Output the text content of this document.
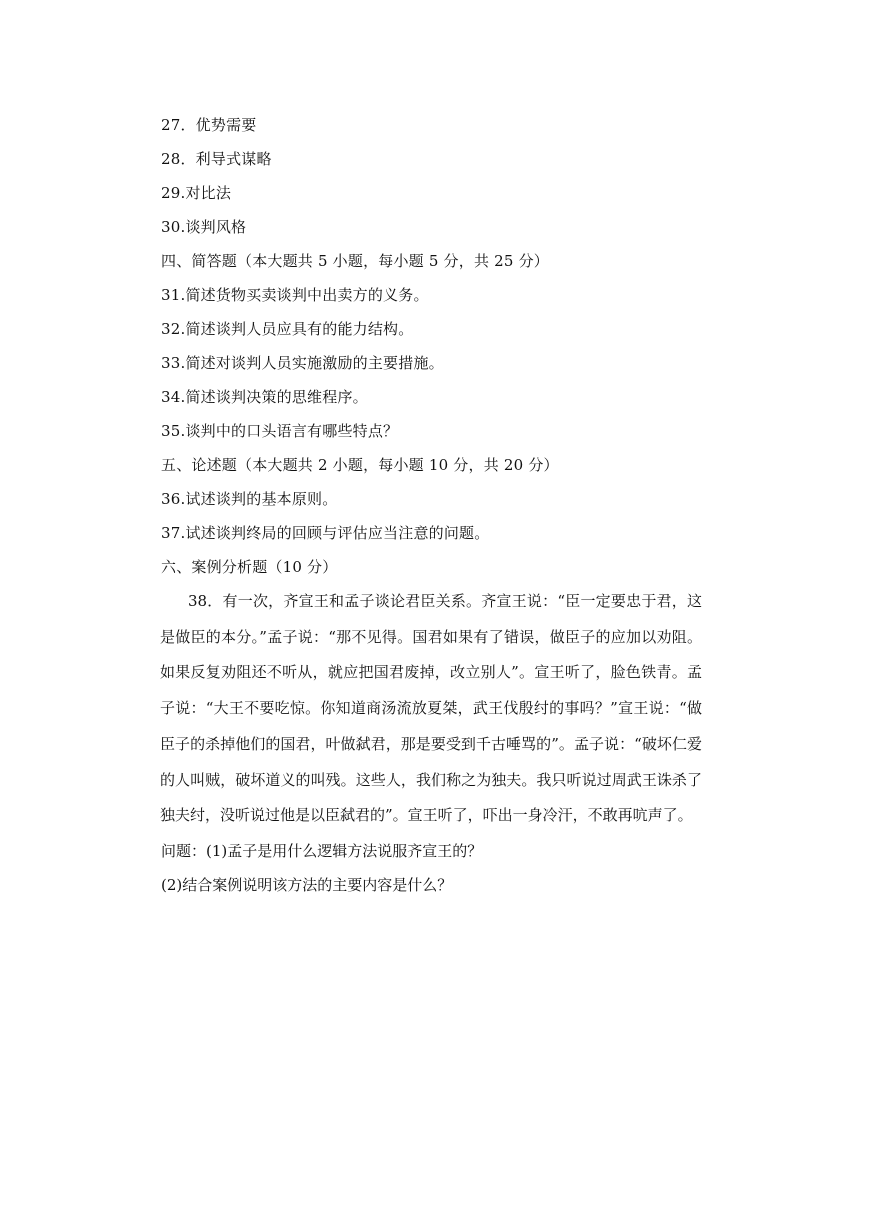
27．优势需要
28．利导式谋略
29.对比法
30.谈判风格
四、简答题（本大题共 5 小题，每小题 5 分，共 25 分）
31.简述货物买卖谈判中出卖方的义务。
32.简述谈判人员应具有的能力结构。
33.简述对谈判人员实施激励的主要措施。
34.简述谈判决策的思维程序。
35.谈判中的口头语言有哪些特点？
五、论述题（本大题共 2 小题，每小题 10 分，共 20 分）
36.试述谈判的基本原则。
37.试述谈判终局的回顾与评估应当注意的问题。
六、案例分析题（10 分）

38．有一次，齐宣王和孟子谈论君臣关系。齐宣王说：“臣一定要忠于君，这是做臣的本分。”孟子说：“那不见得。国君如果有了错误，做臣子的应加以劝阻。如果反复劝阻还不听从，就应把国君废掉，改立别人”。宣王听了，脸色铁青。孟子说：“大王不要吃惊。你知道商汤流放夏桀，武王伐殷纣的事吗？”宣王说：“做臣子的杀掉他们的国君，叶做弑君，那是要受到千古唾骂的”。孟子说：“破坏仁爱的人叫贼，破坏道义的叫残。这些人，我们称之为独夫。我只听说过周武王诛杀了独夫纣，没听说过他是以臣弑君的”。宣王听了，吓出一身冷汗，不敢再吭声了。

问题：(1)孟子是用什么逻辑方法说服齐宣王的？
(2)结合案例说明该方法的主要内容是什么？
